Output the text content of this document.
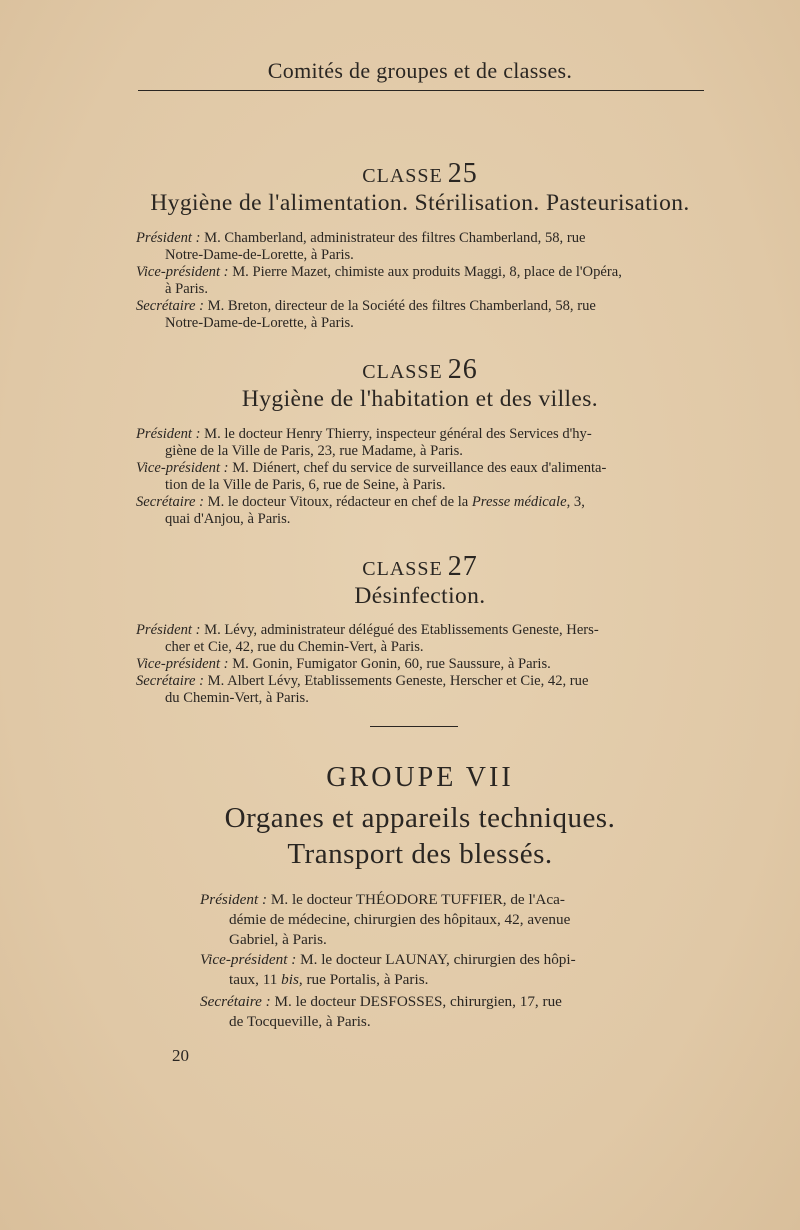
Comités de groupes et de classes.
CLASSE 25
Hygiène de l'alimentation. Stérilisation. Pasteurisation.
Président : M. Chamberland, administrateur des filtres Chamberland, 58, rue
Notre-Dame-de-Lorette, à Paris.
Vice-président : M. Pierre Mazet, chimiste aux produits Maggi, 8, place de l'Opéra,
à Paris.
Secrétaire : M. Breton, directeur de la Société des filtres Chamberland, 58, rue
Notre-Dame-de-Lorette, à Paris.
CLASSE 26
Hygiène de l'habitation et des villes.
Président : M. le docteur Henry Thierry, inspecteur général des Services d'hy-
giène de la Ville de Paris, 23, rue Madame, à Paris.
Vice-président : M. Diénert, chef du service de surveillance des eaux d'alimenta-
tion de la Ville de Paris, 6, rue de Seine, à Paris.
Secrétaire : M. le docteur Vitoux, rédacteur en chef de la Presse médicale, 3,
quai d'Anjou, à Paris.
CLASSE 27
Désinfection.
Président : M. Lévy, administrateur délégué des Etablissements Geneste, Hers-
cher et Cie, 42, rue du Chemin-Vert, à Paris.
Vice-président : M. Gonin, Fumigator Gonin, 60, rue Saussure, à Paris.
Secrétaire : M. Albert Lévy, Etablissements Geneste, Herscher et Cie, 42, rue
du Chemin-Vert, à Paris.
GROUPE VII
Organes et appareils techniques.
Transport des blessés.
Président : M. le docteur THÉODORE TUFFIER, de l'Aca-
démie de médecine, chirurgien des hôpitaux, 42, avenue
Gabriel, à Paris.
Vice-président : M. le docteur LAUNAY, chirurgien des hôpi-
taux, 11 bis, rue Portalis, à Paris.
Secrétaire : M. le docteur DESFOSSES, chirurgien, 17, rue
de Tocqueville, à Paris.
20
